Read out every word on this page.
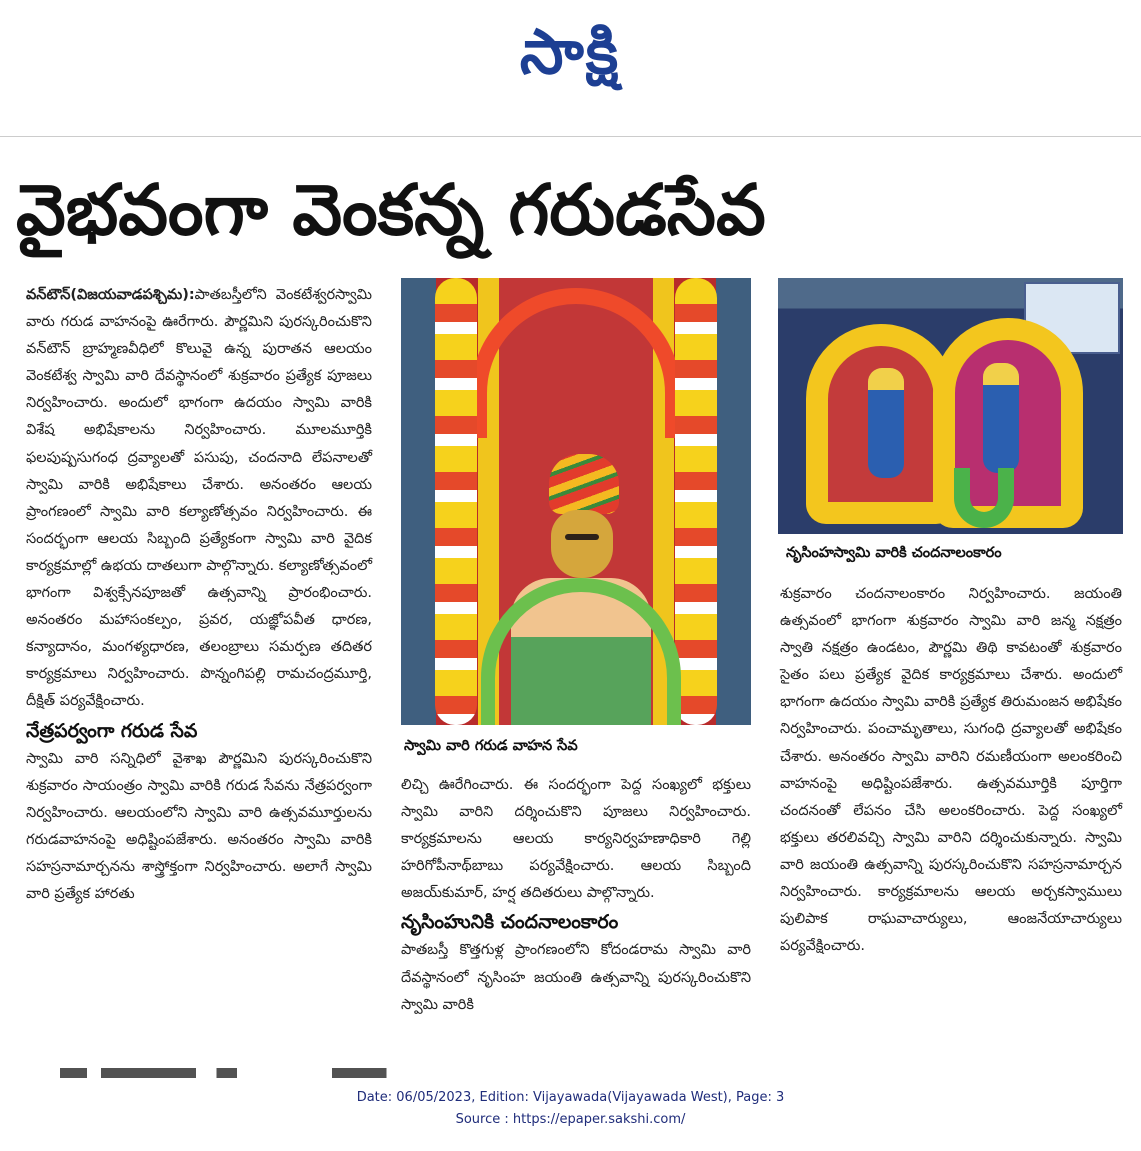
సాక్షి
వైభవంగా వెంకన్న గరుడసేవ

వన్‌టౌన్‌(విజయవాడపశ్చిమ):పాతబస్తీలోని వెంకటేశ్వరస్వామి వారు గరుడ వాహనంపై ఊరేగారు. పౌర్ణమిని పురస్కరించుకొని వన్‌టౌన్‌ బ్రాహ్మణవీధిలో కొలువై ఉన్న పురాతన ఆలయం వెంకటేశ్వ స్వామి వారి దేవస్థానంలో శుక్రవారం ప్రత్యేక పూజలు నిర్వహించారు. అందులో భాగంగా ఉదయం స్వామి వారికి విశేష అభిషేకాలను నిర్వహించారు. మూలమూర్తికి ఫలపుష్పసుగంధ ద్రవ్యాలతో పసుపు, చందనాది లేపనాలతో స్వామి వారికి అభిషేకాలు చేశారు. అనంతరం ఆలయ ప్రాంగణంలో స్వామి వారి కల్యాణోత్సవం నిర్వహించారు. ఈ సందర్భంగా ఆలయ సిబ్బంది ప్రత్యేకంగా స్వామి వారి వైదిక కార్యక్రమాల్లో ఉభయ దాతలుగా పాల్గొన్నారు. కల్యాణోత్సవంలో భాగంగా విశ్వక్సేనపూజతో ఉత్సవాన్ని ప్రారంభించారు. అనంతరం మహాసంకల్పం, ప్రవర, యజ్ఞోపవీత ధారణ, కన్యాదానం, మంగళ్యధారణ, తలంబ్రాలు సమర్పణ తదితర కార్యక్రమాలు నిర్వహించారు. పొన్నంగిపల్లి రామచంద్రమూర్తి, దీక్షిత్‌ పర్యవేక్షించారు.

నేత్రపర్వంగా గరుడ సేవ

స్వామి వారి సన్నిధిలో వైశాఖ పౌర్ణమిని పురస్కరించుకొని శుక్రవారం సాయంత్రం స్వామి వారికి గరుడ సేవను నేత్రపర్వంగా నిర్వహించారు. ఆలయంలోని స్వామి వారి ఉత్సవమూర్తులను గరుడవాహనంపై అధిష్టింపజేశారు. అనంతరం స్వామి వారికి సహస్రనామార్చనను శాస్త్రోక్తంగా నిర్వహించారు. అలాగే స్వామి వారి ప్రత్యేక హారతు

స్వామి వారి గరుడ వాహన సేవ

లిచ్చి ఊరేగించారు. ఈ సందర్భంగా పెద్ద సంఖ్యలో భక్తులు స్వామి వారిని దర్శించుకొని పూజలు నిర్వహించారు. కార్యక్రమాలను ఆలయ కార్యనిర్వహణాధికారి గెల్లి హరిగోపీనాథ్‌బాబు పర్యవేక్షించారు. ఆలయ సిబ్బంది అజయ్‌కుమార్‌, హర్ష తదితరులు పాల్గొన్నారు.

నృసింహునికి చందనాలంకారం

పాతబస్తీ కొత్తగుళ్ల ప్రాంగణంలోని కోదండరామ స్వామి వారి దేవస్థానంలో నృసింహ జయంతి ఉత్సవాన్ని పురస్కరించుకొని స్వామి వారికి

నృసింహస్వామి వారికి చందనాలంకారం

శుక్రవారం చందనాలంకారం నిర్వహించారు. జయంతి ఉత్సవంలో భాగంగా శుక్రవారం స్వామి వారి జన్మ నక్షత్రం స్వాతి నక్షత్రం ఉండటం, పౌర్ణమి తిథి కావటంతో శుక్రవారం సైతం పలు ప్రత్యేక వైదిక కార్యక్రమాలు చేశారు. అందులో భాగంగా ఉదయం స్వామి వారికి ప్రత్యేక తిరుమంజన అభిషేకం నిర్వహించారు. పంచామృతాలు, సుగంధి ద్రవ్యాలతో అభిషేకం చేశారు. అనంతరం స్వామి వారిని రమణీయంగా అలంకరించి వాహనంపై అధిష్టింపజేశారు. ఉత్సవమూర్తికి పూర్తిగా చందనంతో లేపనం చేసి అలంకరించారు. పెద్ద సంఖ్యలో భక్తులు తరలివచ్చి స్వామి వారిని దర్శించుకున్నారు. స్వామి వారి జయంతి ఉత్సవాన్ని పురస్కరించుకొని సహస్రనామార్చన నిర్వహించారు. కార్యక్రమాలను ఆలయ అర్చకస్వాములు పులిపాక రాఘవాచార్యులు, ఆంజనేయాచార్యులు పర్యవేక్షించారు.

Date: 06/05/2023, Edition: Vijayawada(Vijayawada West), Page: 3
Source : https://epaper.sakshi.com/
